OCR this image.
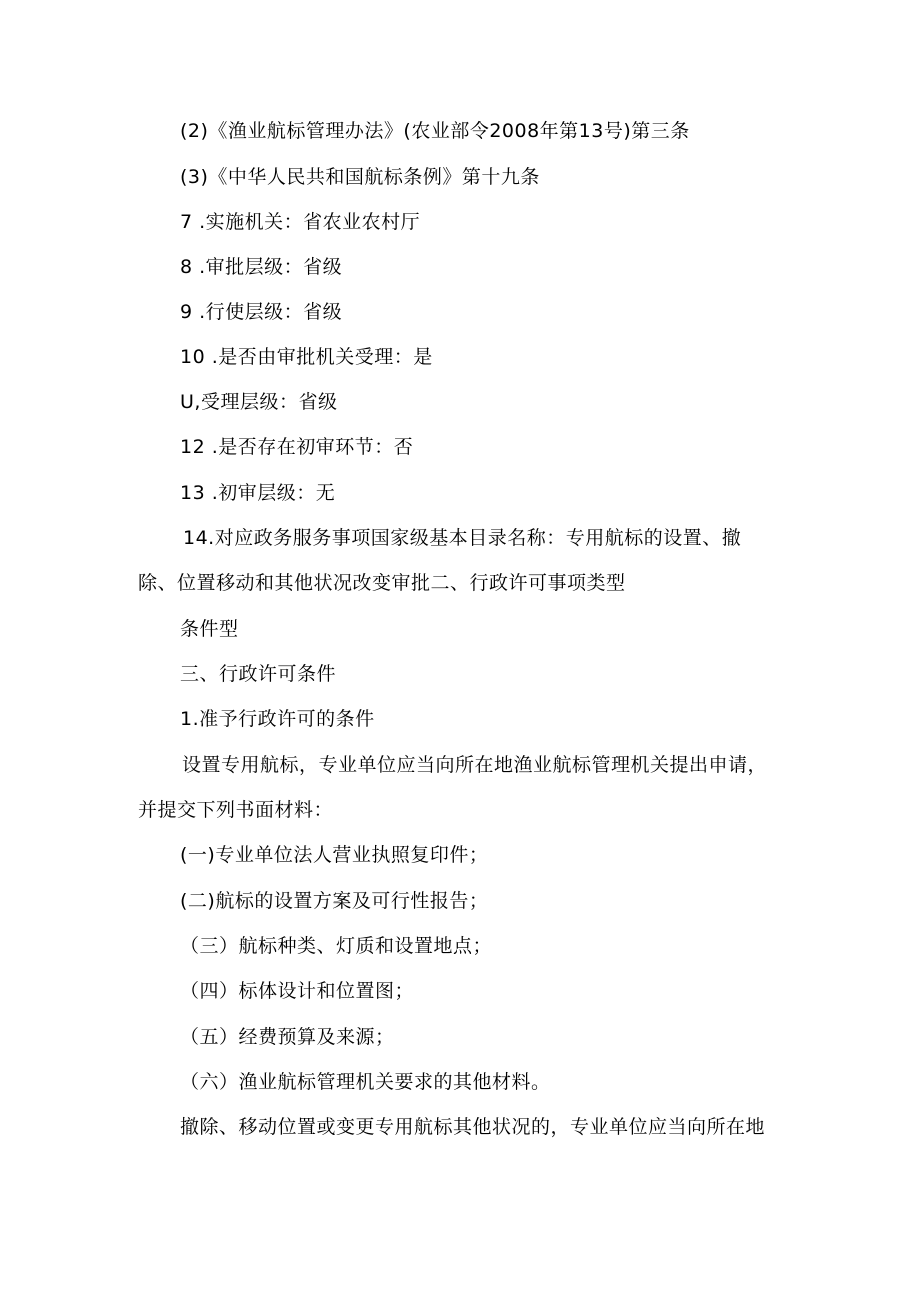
(2)《渔业航标管理办法》(农业部令2008年第13号)第三条
(3)《中华人民共和国航标条例》第十九条
7 .实施机关：省农业农村厅
8 .审批层级：省级
9 .行使层级：省级
10 .是否由审批机关受理：是
U,受理层级：省级
12 .是否存在初审环节：否
13 .初审层级：无
14.对应政务服务事项国家级基本目录名称：专用航标的设置、撤
除、位置移动和其他状况改变审批二、行政许可事项类型
条件型
三、行政许可条件
1.准予行政许可的条件
设置专用航标，专业单位应当向所在地渔业航标管理机关提出申请，
并提交下列书面材料：
(一)专业单位法人营业执照复印件；
(二)航标的设置方案及可行性报告；
（三）航标种类、灯质和设置地点；
（四）标体设计和位置图；
（五）经费预算及来源；
（六）渔业航标管理机关要求的其他材料。
撤除、移动位置或变更专用航标其他状况的，专业单位应当向所在地
